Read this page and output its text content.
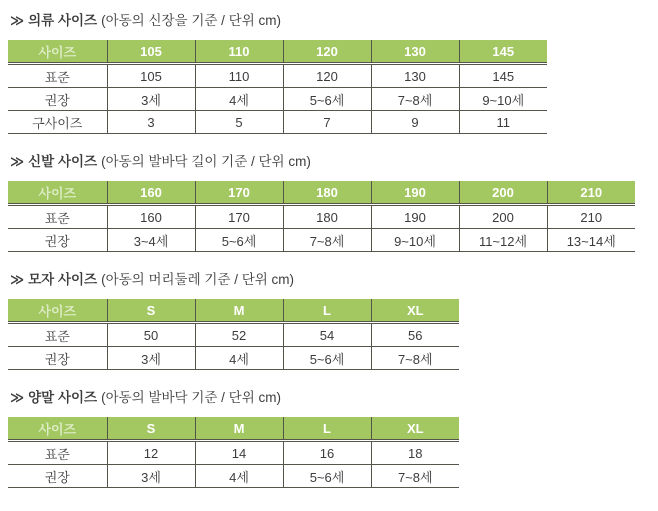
≫ 의류 사이즈 (아동의 신장을 기준 / 단위 cm)
사이즈	105	110	120	130	145
표준	105	110	120	130	145
권장	3세	4세	5~6세	7~8세	9~10세
구사이즈	3	5	7	9	11
≫ 신발 사이즈 (아동의 발바닥 길이 기준 / 단위 cm)
사이즈	160	170	180	190	200	210
표준	160	170	180	190	200	210
권장	3~4세	5~6세	7~8세	9~10세	11~12세	13~14세
≫ 모자 사이즈 (아동의 머리둘레 기준 / 단위 cm)
사이즈	S	M	L	XL
표준	50	52	54	56
권장	3세	4세	5~6세	7~8세
≫ 양말 사이즈 (아동의 발바닥 기준 / 단위 cm)
사이즈	S	M	L	XL
표준	12	14	16	18
권장	3세	4세	5~6세	7~8세
